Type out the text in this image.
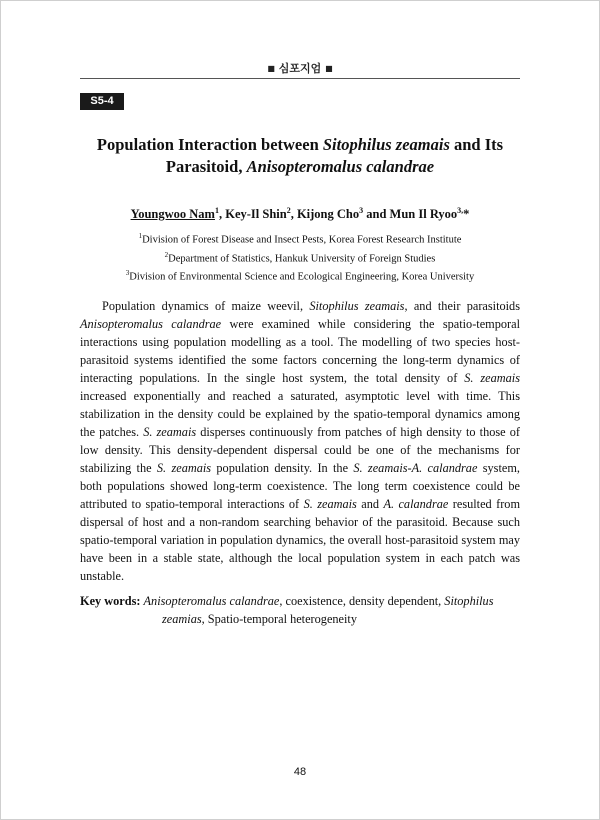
■ 심포지엄 ■
S5-4
Population Interaction between Sitophilus zeamais and Its
Parasitoid, Anisopteromalus calandrae
Youngwoo Nam$^1$, Key-Il Shin$^2$, Kijong Cho$^3$ and Mun Il Ryoo$^{3,}$*
$^1$Division of Forest Disease and Insect Pests, Korea Forest Research Institute
$^2$Department of Statistics, Hankuk University of Foreign Studies
$^3$Division of Environmental Science and Ecological Engineering, Korea University

Population dynamics of maize weevil, Sitophilus zeamais, and their parasitoids Anisopteromalus calandrae were examined while considering the spatio-temporal interactions using population modelling as a tool. The modelling of two species host-parasitoid systems identified the some factors concerning the long-term dynamics of interacting populations. In the single host system, the total density of S. zeamais increased exponentially and reached a saturated, asymptotic level with time. This stabilization in the density could be explained by the spatio-temporal dynamics among the patches. S. zeamais disperses continuously from patches of high density to those of low density. This density-dependent dispersal could be one of the mechanisms for stabilizing the S. zeamais population density. In the S. zeamais-A. calandrae system, both populations showed long-term coexistence. The long term coexistence could be attributed to spatio-temporal interactions of S. zeamais and A. calandrae resulted from dispersal of host and a non-random searching behavior of the parasitoid. Because such spatio-temporal variation in population dynamics, the overall host-parasitoid system may have been in a stable state, although the local population system in each patch was unstable.

Key words: Anisopteromalus calandrae, coexistence, density dependent, Sitophilus zeamias, Spatio-temporal heterogeneity
48
